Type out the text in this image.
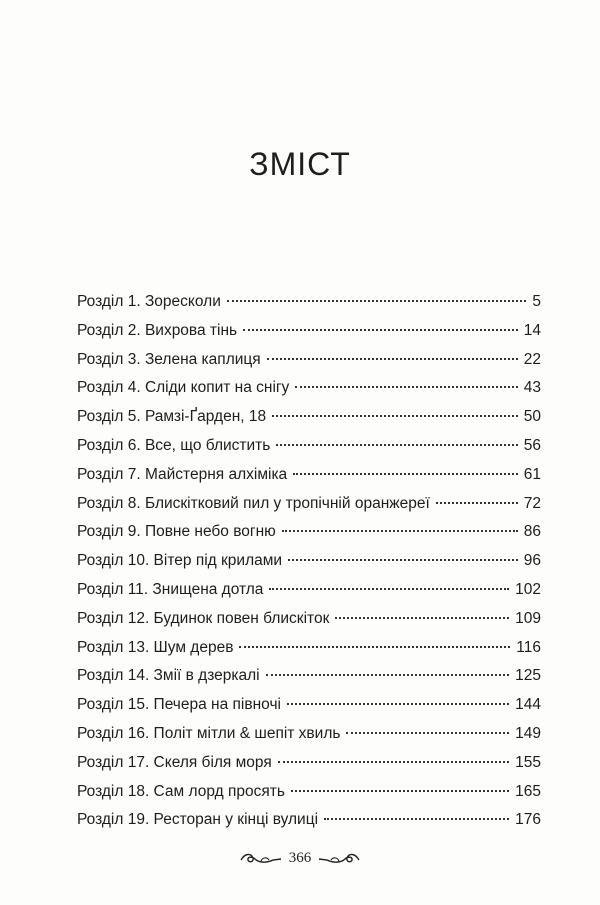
ЗМІСТ
Розділ 1. Зоресколи	5
Розділ 2. Вихрова тінь	14
Розділ 3. Зелена каплиця	22
Розділ 4. Сліди копит на снігу	43
Розділ 5. Рамзі-Ґарден, 18	50
Розділ 6. Все, що блистить	56
Розділ 7. Майстерня алхіміка	61
Розділ 8. Блискітковий пил у тропічній оранжереї	72
Розділ 9. Повне небо вогню	86
Розділ 10. Вітер під крилами	96
Розділ 11. Знищена дотла	102
Розділ 12. Будинок повен блискіток	109
Розділ 13. Шум дерев	116
Розділ 14. Змії в дзеркалі	125
Розділ 15. Печера на півночі	144
Розділ 16. Політ мітли & шепіт хвиль	149
Розділ 17. Скеля біля моря	155
Розділ 18. Сам лорд просять	165
Розділ 19. Ресторан у кінці вулиці	176
366
